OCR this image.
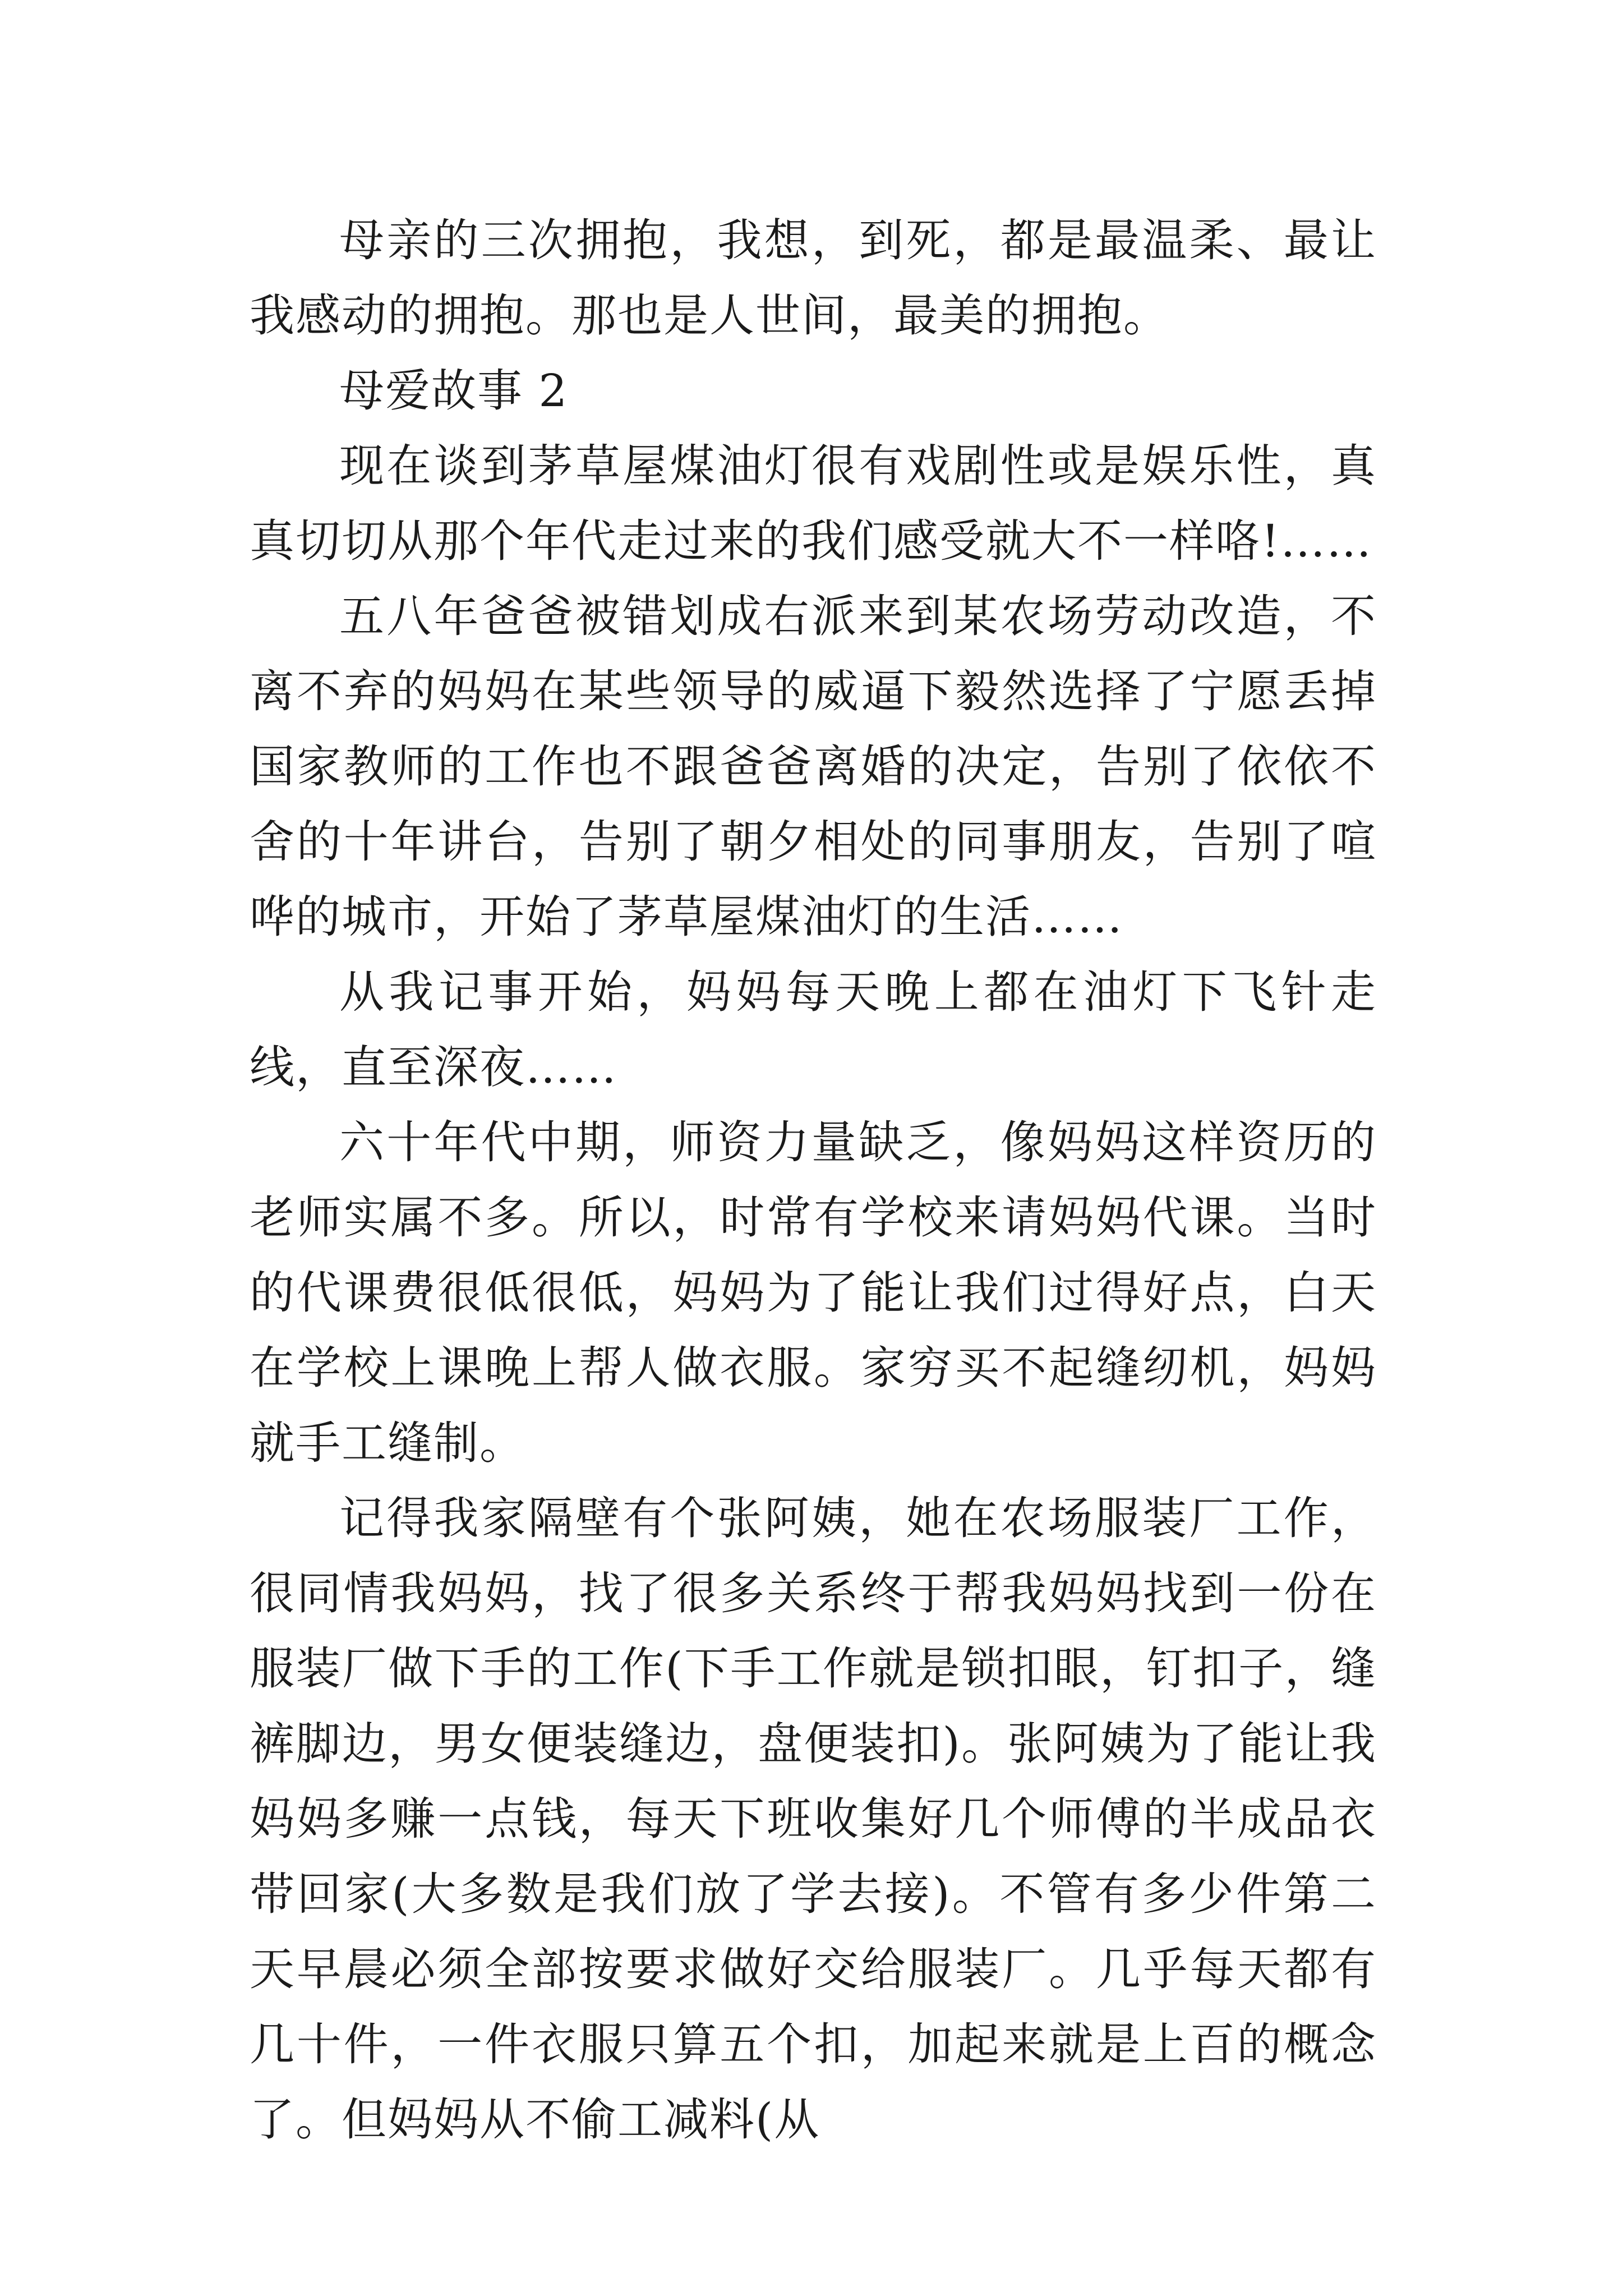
母亲的三次拥抱，我想，到死，都是最温柔、最让我感动的拥抱。那也是人世间，最美的拥抱。

母爱故事 2

现在谈到茅草屋煤油灯很有戏剧性或是娱乐性，真真切切从那个年代走过来的我们感受就大不一样咯!……

五八年爸爸被错划成右派来到某农场劳动改造，不离不弃的妈妈在某些领导的威逼下毅然选择了宁愿丢掉国家教师的工作也不跟爸爸离婚的决定，告别了依依不舍的十年讲台，告别了朝夕相处的同事朋友，告别了喧哗的城市，开始了茅草屋煤油灯的生活……

从我记事开始，妈妈每天晚上都在油灯下飞针走线，直至深夜……

六十年代中期，师资力量缺乏，像妈妈这样资历的老师实属不多。所以，时常有学校来请妈妈代课。当时的代课费很低很低，妈妈为了能让我们过得好点，白天在学校上课晚上帮人做衣服。家穷买不起缝纫机，妈妈就手工缝制。

记得我家隔壁有个张阿姨，她在农场服装厂工作，很同情我妈妈，找了很多关系终于帮我妈妈找到一份在服装厂做下手的工作(下手工作就是锁扣眼，钉扣子，缝裤脚边，男女便装缝边，盘便装扣)。张阿姨为了能让我妈妈多赚一点钱，每天下班收集好几个师傅的半成品衣带回家(大多数是我们放了学去接)。不管有多少件第二天早晨必须全部按要求做好交给服装厂。几乎每天都有几十件，一件衣服只算五个扣，加起来就是上百的概念了。但妈妈从不偷工减料(从
